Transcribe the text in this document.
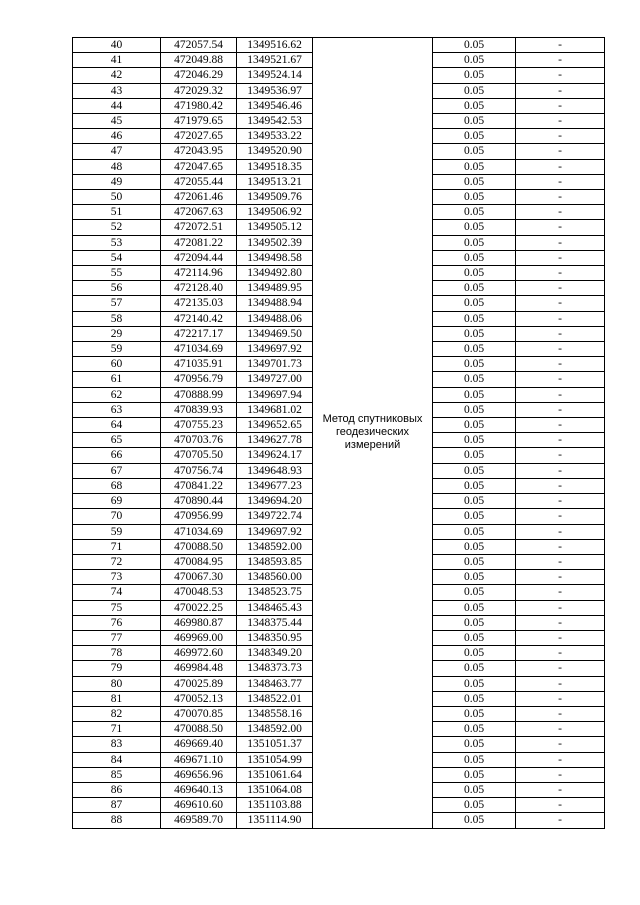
40	472057.54	1349516.62	Метод спутниковых геодезических измерений	0.05	-
41	472049.88	1349521.67		0.05	-
42	472046.29	1349524.14		0.05	-
43	472029.32	1349536.97		0.05	-
44	471980.42	1349546.46		0.05	-
45	471979.65	1349542.53		0.05	-
46	472027.65	1349533.22		0.05	-
47	472043.95	1349520.90		0.05	-
48	472047.65	1349518.35		0.05	-
49	472055.44	1349513.21		0.05	-
50	472061.46	1349509.76		0.05	-
51	472067.63	1349506.92		0.05	-
52	472072.51	1349505.12		0.05	-
53	472081.22	1349502.39		0.05	-
54	472094.44	1349498.58		0.05	-
55	472114.96	1349492.80		0.05	-
56	472128.40	1349489.95		0.05	-
57	472135.03	1349488.94		0.05	-
58	472140.42	1349488.06		0.05	-
29	472217.17	1349469.50		0.05	-
59	471034.69	1349697.92		0.05	-
60	471035.91	1349701.73		0.05	-
61	470956.79	1349727.00		0.05	-
62	470888.99	1349697.94		0.05	-
63	470839.93	1349681.02		0.05	-
64	470755.23	1349652.65		0.05	-
65	470703.76	1349627.78		0.05	-
66	470705.50	1349624.17		0.05	-
67	470756.74	1349648.93		0.05	-
68	470841.22	1349677.23		0.05	-
69	470890.44	1349694.20		0.05	-
70	470956.99	1349722.74		0.05	-
59	471034.69	1349697.92		0.05	-
71	470088.50	1348592.00		0.05	-
72	470084.95	1348593.85		0.05	-
73	470067.30	1348560.00		0.05	-
74	470048.53	1348523.75		0.05	-
75	470022.25	1348465.43		0.05	-
76	469980.87	1348375.44		0.05	-
77	469969.00	1348350.95		0.05	-
78	469972.60	1348349.20		0.05	-
79	469984.48	1348373.73		0.05	-
80	470025.89	1348463.77		0.05	-
81	470052.13	1348522.01		0.05	-
82	470070.85	1348558.16		0.05	-
71	470088.50	1348592.00		0.05	-
83	469669.40	1351051.37		0.05	-
84	469671.10	1351054.99		0.05	-
85	469656.96	1351061.64		0.05	-
86	469640.13	1351064.08		0.05	-
87	469610.60	1351103.88		0.05	-
88	469589.70	1351114.90		0.05	-
